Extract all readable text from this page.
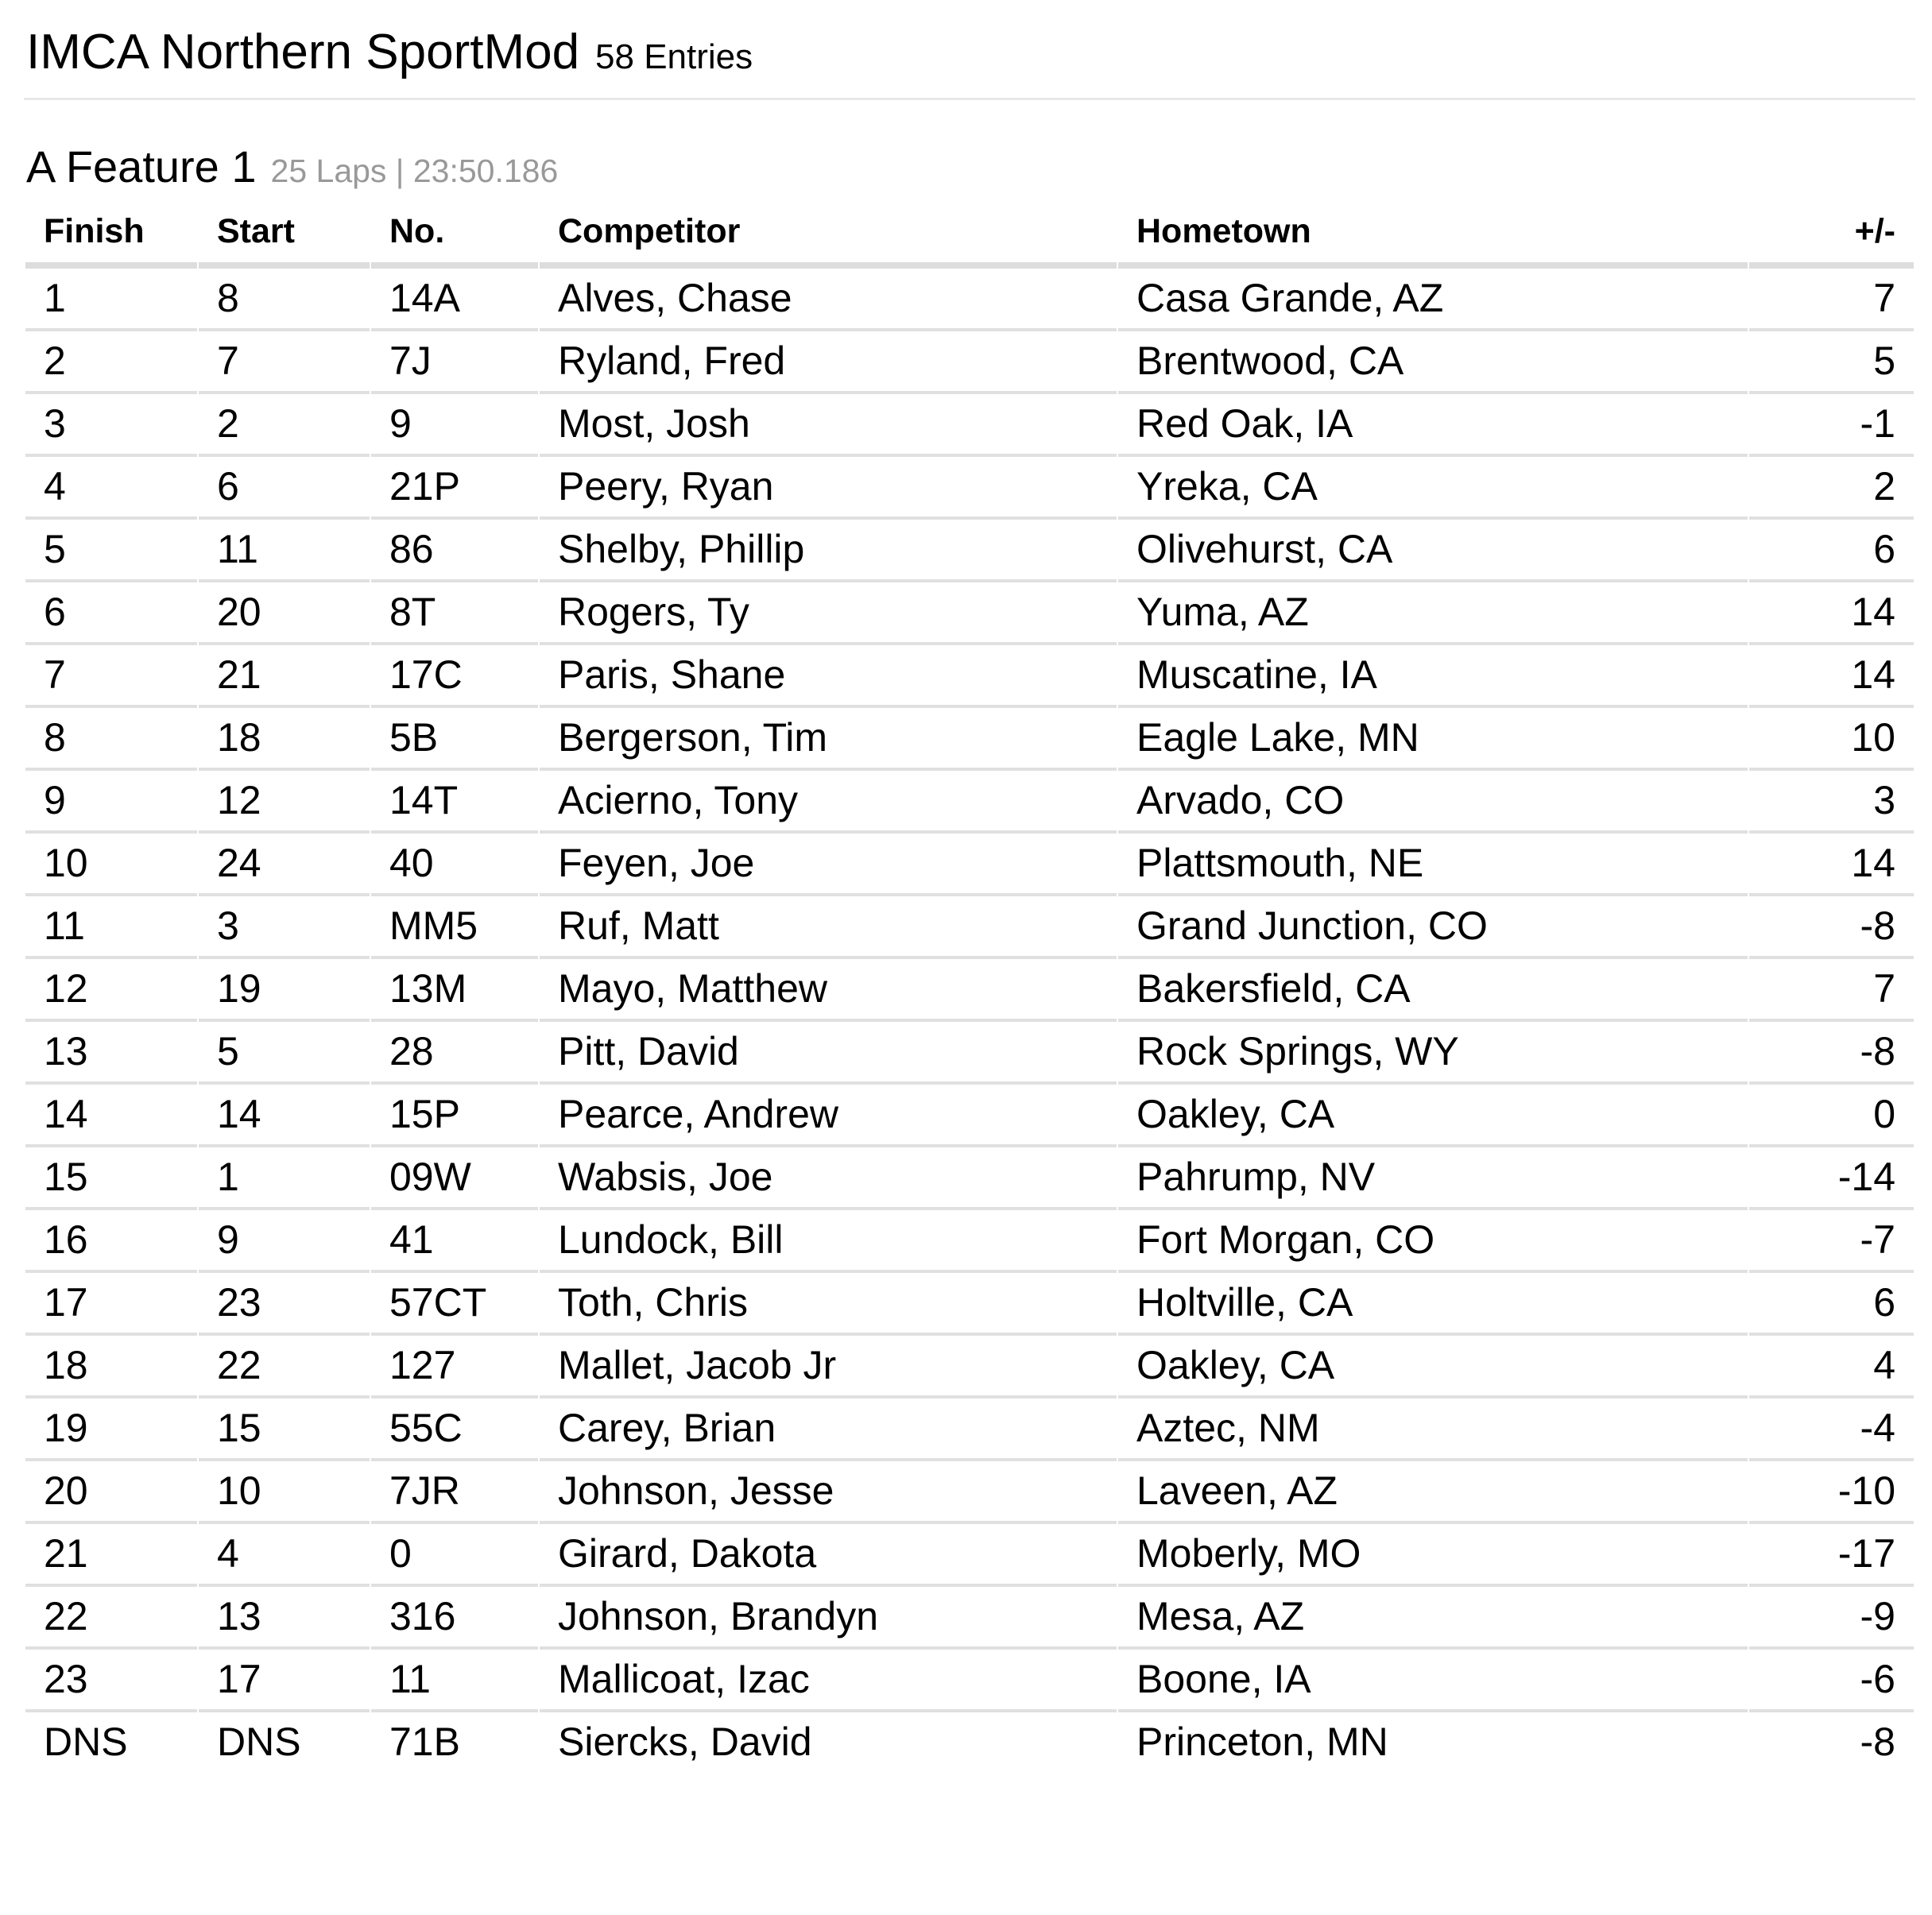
IMCA Northern SportMod 58 Entries
A Feature 1 25 Laps | 23:50.186
Finish	Start	No.	Competitor	Hometown	+/-
1	8	14A	Alves, Chase	Casa Grande, AZ	7
2	7	7J	Ryland, Fred	Brentwood, CA	5
3	2	9	Most, Josh	Red Oak, IA	-1
4	6	21P	Peery, Ryan	Yreka, CA	2
5	11	86	Shelby, Phillip	Olivehurst, CA	6
6	20	8T	Rogers, Ty	Yuma, AZ	14
7	21	17C	Paris, Shane	Muscatine, IA	14
8	18	5B	Bergerson, Tim	Eagle Lake, MN	10
9	12	14T	Acierno, Tony	Arvado, CO	3
10	24	40	Feyen, Joe	Plattsmouth, NE	14
11	3	MM5	Ruf, Matt	Grand Junction, CO	-8
12	19	13M	Mayo, Matthew	Bakersfield, CA	7
13	5	28	Pitt, David	Rock Springs, WY	-8
14	14	15P	Pearce, Andrew	Oakley, CA	0
15	1	09W	Wabsis, Joe	Pahrump, NV	-14
16	9	41	Lundock, Bill	Fort Morgan, CO	-7
17	23	57CT	Toth, Chris	Holtville, CA	6
18	22	127	Mallet, Jacob Jr	Oakley, CA	4
19	15	55C	Carey, Brian	Aztec, NM	-4
20	10	7JR	Johnson, Jesse	Laveen, AZ	-10
21	4	0	Girard, Dakota	Moberly, MO	-17
22	13	316	Johnson, Brandyn	Mesa, AZ	-9
23	17	11	Mallicoat, Izac	Boone, IA	-6
DNS	DNS	71B	Siercks, David	Princeton, MN	-8
